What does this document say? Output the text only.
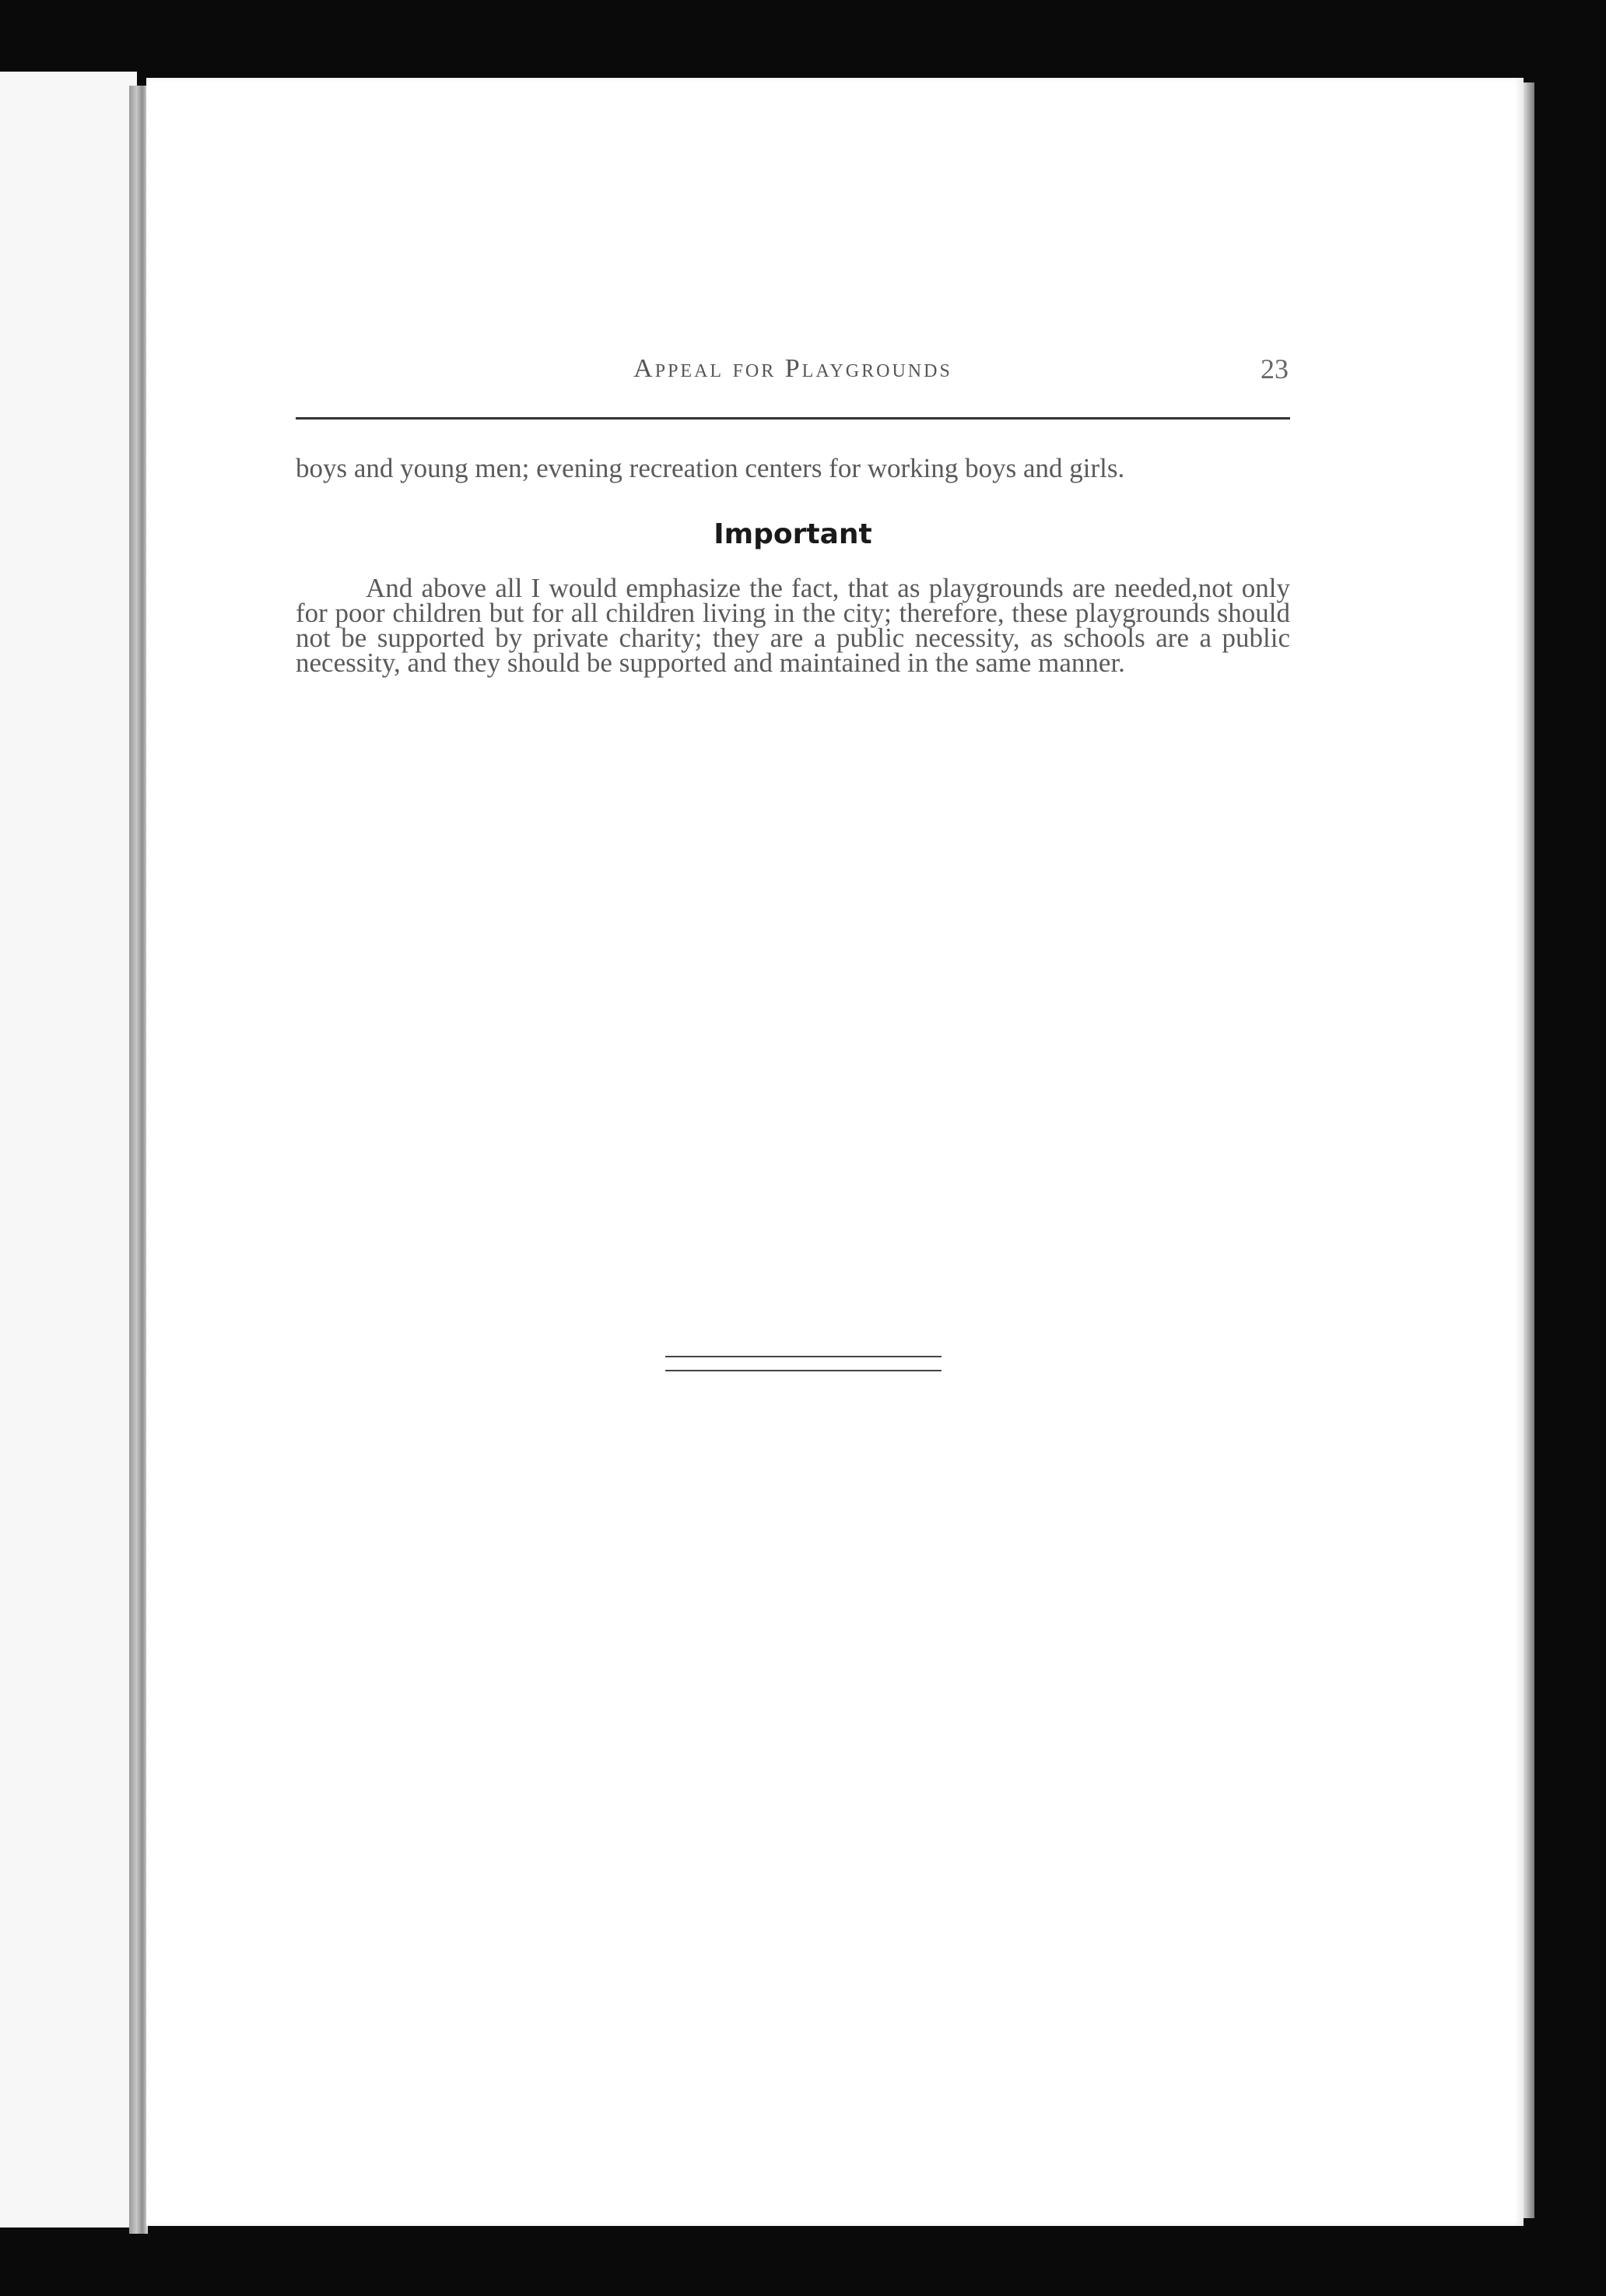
Appeal for Playgrounds	23
boys and young men; evening recreation centers for working boys and girls.
Important
And above all I would emphasize the fact, that as playgrounds are needed,not only for poor children but for all children living in the city; therefore, these playgrounds should not be supported by private charity; they are a public necessity, as schools are a public necessity, and they should be supported and maintained in the same manner.
